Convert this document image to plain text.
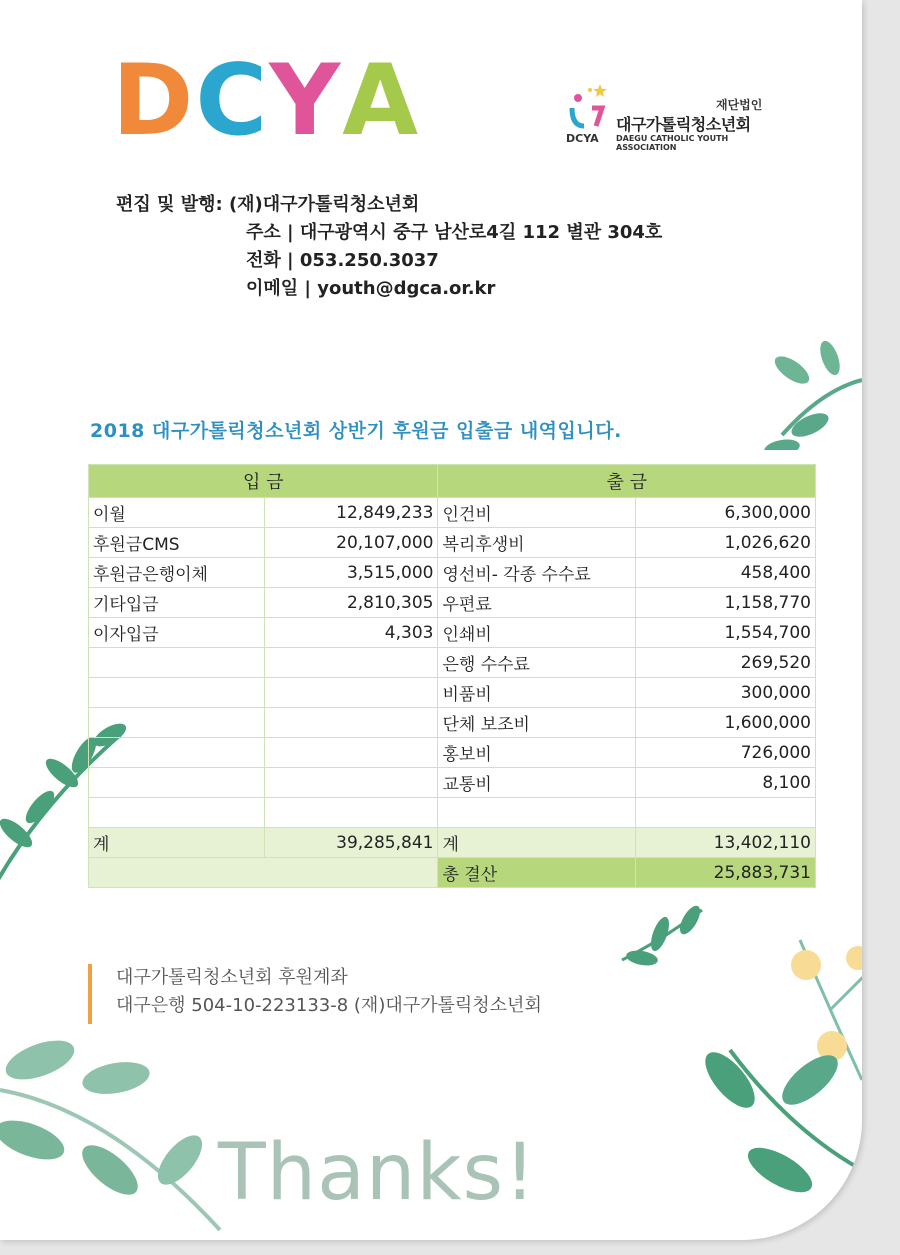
DCYA	재단법인
대구가톨릭청소년회
DAEGU CATHOLIC YOUTH ASSOCIATION
DCYA
편집 및 발행: (재)대구가톨릭청소년회
주소 | 대구광역시 중구 남산로4길 112 별관 304호
전화 | 053.250.3037
이메일 | youth@dgca.or.kr
2018 대구가톨릭청소년회 상반기 후원금 입출금 내역입니다.
입 금		출 금	
이월	12,849,233	인건비	6,300,000
후원금CMS	20,107,000	복리후생비	1,026,620
후원금은행이체	3,515,000	영선비- 각종 수수료	458,400
기타입금	2,810,305	우편료	1,158,770
이자입금	4,303	인쇄비	1,554,700
		은행 수수료	269,520
		비품비	300,000
		단체 보조비	1,600,000
		홍보비	726,000
		교통비	8,100

계	39,285,841	계	13,402,110
		총 결산	25,883,731
대구가톨릭청소년회 후원계좌
대구은행 504-10-223133-8 (재)대구가톨릭청소년회
Thanks!
